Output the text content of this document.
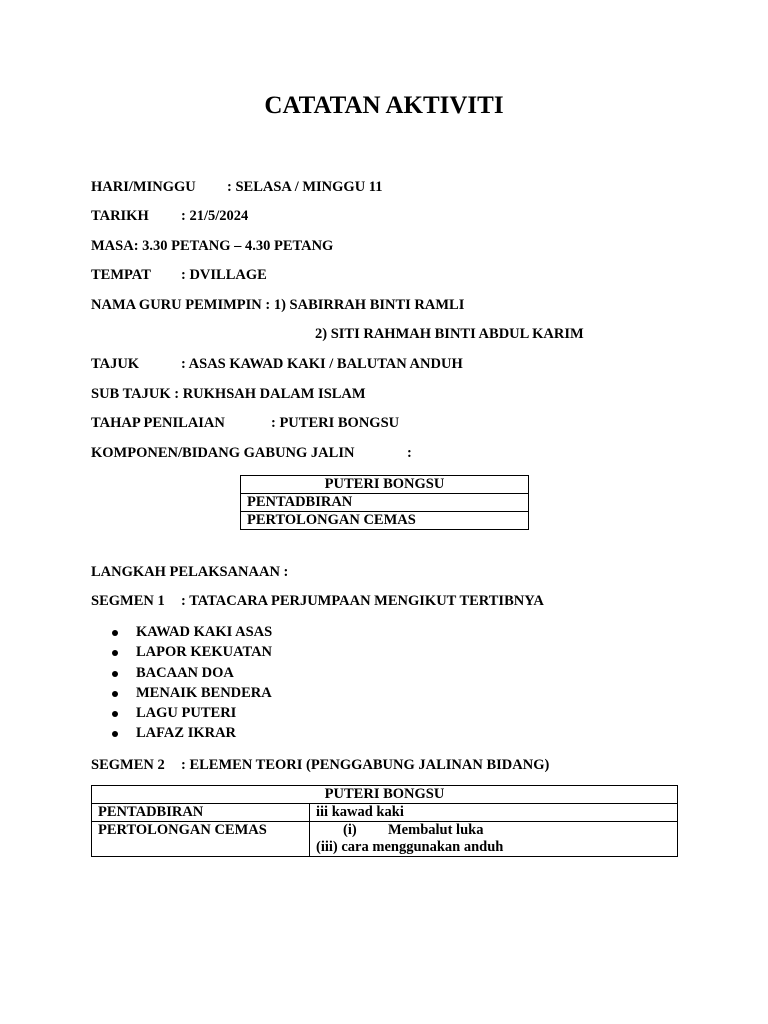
CATATAN AKTIVITI
HARI/MINGGU : SELASA / MINGGU 11
TARIKH : 21/5/2024
MASA: 3.30 PETANG – 4.30 PETANG
TEMPAT : DVILLAGE
NAMA GURU PEMIMPIN : 1) SABIRRAH BINTI RAMLI
2) SITI RAHMAH BINTI ABDUL KARIM
TAJUK	: ASAS KAWAD KAKI / BALUTAN ANDUH
SUB TAJUK : RUKHSAH DALAM ISLAM
TAHAP PENILAIAN	: PUTERI BONGSU
KOMPONEN/BIDANG GABUNG JALIN	:
PUTERI BONGSU
PENTADBIRAN
PERTOLONGAN CEMAS
LANGKAH PELAKSANAAN :
SEGMEN 1 : TATACARA PERJUMPAAN MENGIKUT TERTIBNYA
KAWAD KAKI ASAS
LAPOR KEKUATAN
BACAAN DOA
MENAIK BENDERA
LAGU PUTERI
LAFAZ IKRAR
SEGMEN 2 : ELEMEN TEORI (PENGGABUNG JALINAN BIDANG)
PUTERI BONGSU	
PENTADBIRAN	iii kawad kaki
PERTOLONGAN CEMAS	(i) Membalut luka
(iii) cara menggunakan anduh
